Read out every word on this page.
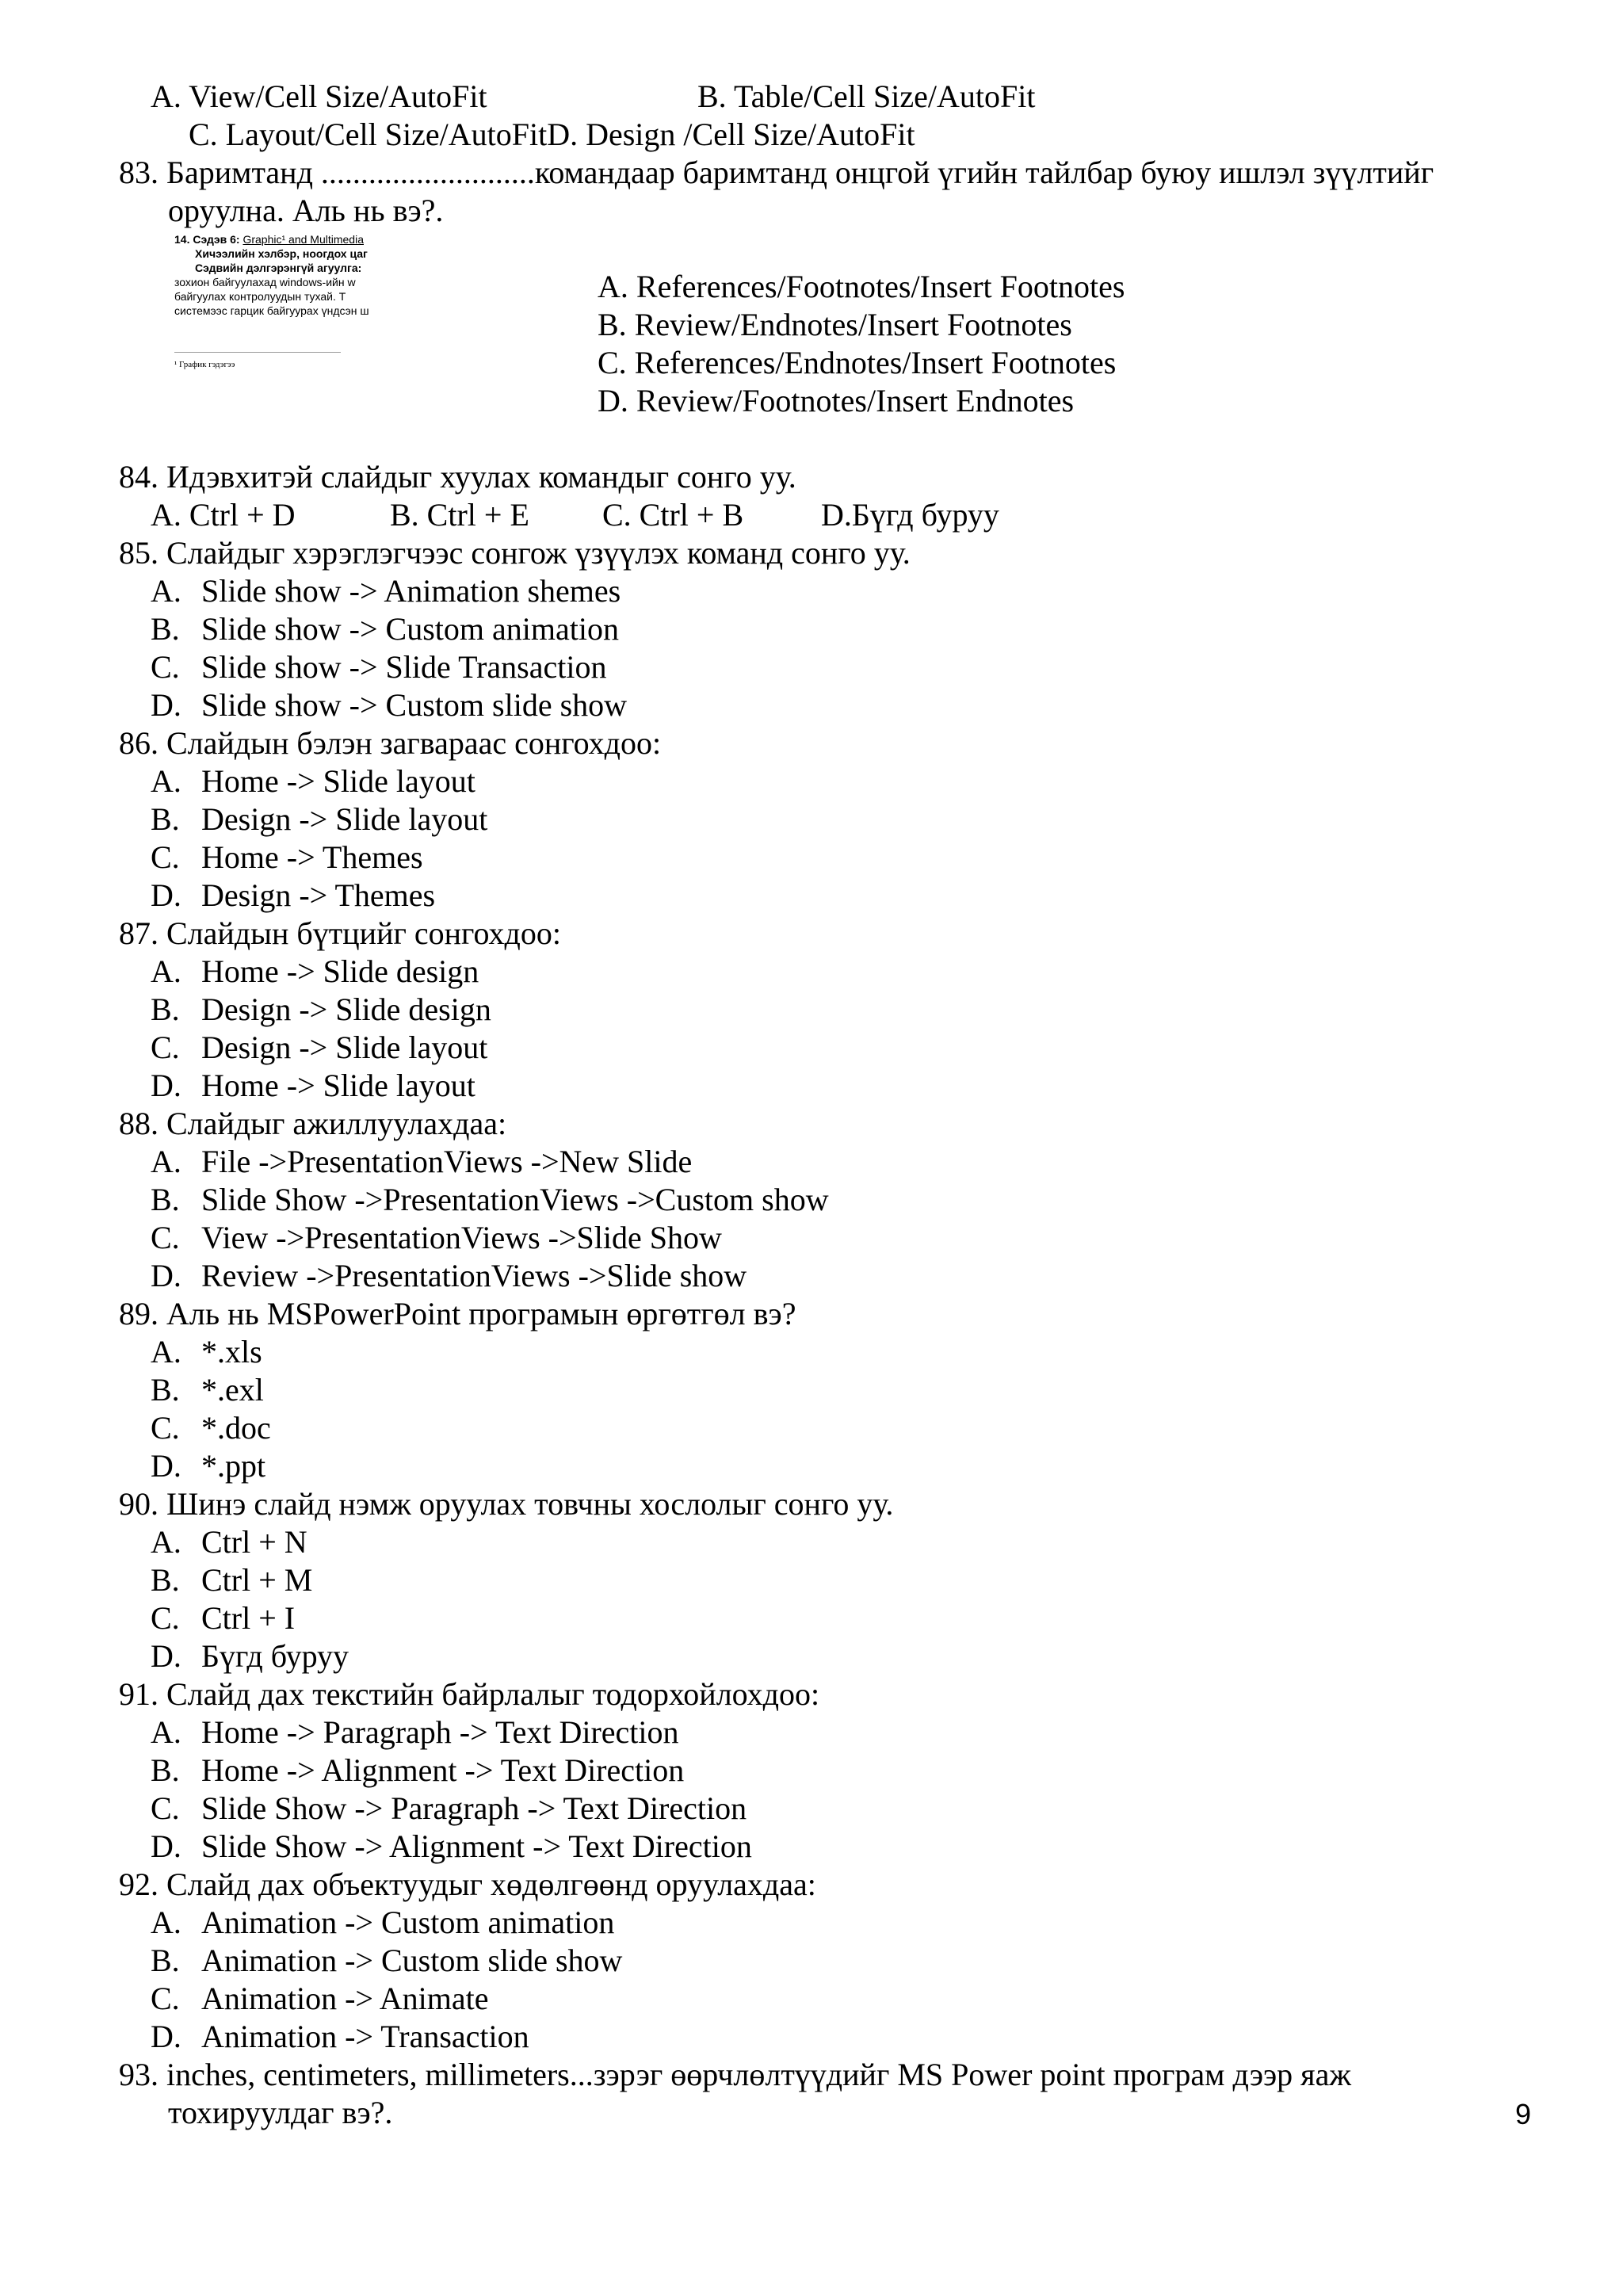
A. View/Cell Size/AutoFit	B. Table/Cell Size/AutoFit
C. Layout/Cell Size/AutoFitD. Design /Cell Size/AutoFit
83. Баримтанд ...........................командаар баримтанд онцгой үгийн тайлбар буюу ишлэл зүүлтийг
оруулна. Аль нь вэ?.
14. Сэдэв 6: Graphic¹ and Multimedia
Хичээлийн хэлбэр, ноогдох цаг
Сэдвийн дэлгэрэнгүй агуулга:
зохион байгуулахад windows-ийн w
байгуулах контролуудын тухай. Т
системээс гарцик байгуурах үндсэн ш
¹ График гэдэгээ
A. References/Footnotes/Insert Footnotes
B. Review/Endnotes/Insert Footnotes
C. References/Endnotes/Insert Footnotes
D. Review/Footnotes/Insert Endnotes
84. Идэвхитэй слайдыг хуулах командыг сонго уу.
A. Ctrl + D	B. Ctrl + E C. Ctrl + B D.Бүгд буруу
85. Слайдыг хэрэглэгчээс сонгож үзүүлэх команд сонго уу.
A. Slide show -> Animation shemes
B. Slide show -> Custom animation
C. Slide show -> Slide Transaction
D. Slide show -> Custom slide show
86. Слайдын бэлэн загвараас сонгохдоо:
A. Home -> Slide layout
B. Design -> Slide layout
C. Home -> Themes
D. Design -> Themes
87. Слайдын бүтцийг сонгохдоо:
A. Home -> Slide design
B. Design -> Slide design
C. Design -> Slide layout
D. Home -> Slide layout
88. Слайдыг ажиллуулахдаа:
A. File ->PresentationViews ->New Slide
B. Slide Show ->PresentationViews ->Custom show
C. View ->PresentationViews ->Slide Show
D. Review ->PresentationViews ->Slide show
89. Аль нь MSPowerPoint програмын өргөтгөл вэ?
A. *.xls
B. *.exl
C. *.doc
D. *.ppt
90. Шинэ слайд нэмж оруулах товчны хослолыг сонго уу.
A. Ctrl + N
B. Ctrl + M
C. Ctrl + I
D. Бүгд буруу
91. Слайд дах текстийн байрлалыг тодорхойлохдоо:
A. Home -> Paragraph -> Text Direction
B. Home -> Alignment -> Text Direction
C. Slide Show -> Paragraph -> Text Direction
D. Slide Show -> Alignment -> Text Direction
92. Слайд дах объектуудыг хөдөлгөөнд оруулахдаа:
A. Animation -> Custom animation
B. Animation -> Custom slide show
C. Animation -> Animate
D. Animation -> Transaction
93. inches, centimeters, millimeters...зэрэг өөрчлөлтүүдийг MS Power point програм дээр яаж
тохируулдаг вэ?.	9
